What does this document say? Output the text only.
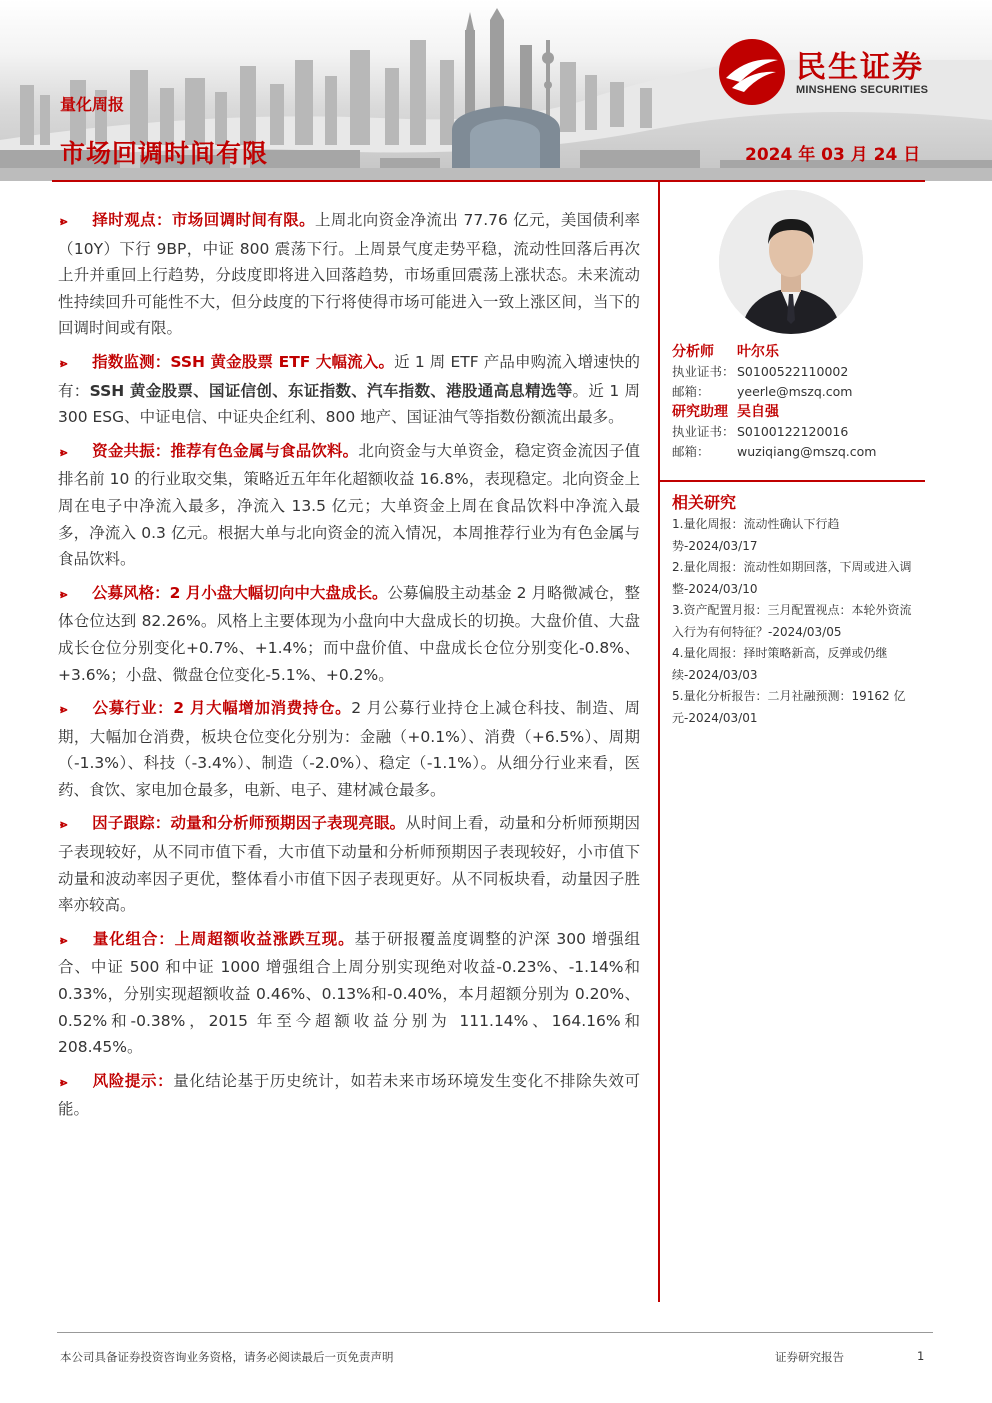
民生证券
MINSHENG SECURITIES
量化周报
市场回调时间有限	2024 年 03 月 24 日

⩺ 择时观点：市场回调时间有限。上周北向资金净流出 77.76 亿元，美国债利率（10Y）下行 9BP，中证 800 震荡下行。上周景气度走势平稳，流动性回落后再次上升并重回上行趋势，分歧度即将进入回落趋势，市场重回震荡上涨状态。未来流动性持续回升可能性不大，但分歧度的下行将使得市场可能进入一致上涨区间，当下的回调时间或有限。

⩺ 指数监测：SSH 黄金股票 ETF 大幅流入。近 1 周 ETF 产品申购流入增速快的有：SSH 黄金股票、国证信创、东证指数、汽车指数、港股通高息精选等。近 1 周 300 ESG、中证电信、中证央企红利、800 地产、国证油气等指数份额流出最多。

⩺ 资金共振：推荐有色金属与食品饮料。北向资金与大单资金，稳定资金流因子值排名前 10 的行业取交集，策略近五年年化超额收益 16.8%，表现稳定。北向资金上周在电子中净流入最多，净流入 13.5 亿元；大单资金上周在食品饮料中净流入最多，净流入 0.3 亿元。根据大单与北向资金的流入情况，本周推荐行业为有色金属与食品饮料。

⩺ 公募风格：2 月小盘大幅切向中大盘成长。公募偏股主动基金 2 月略微减仓，整体仓位达到 82.26%。风格上主要体现为小盘向中大盘成长的切换。大盘价值、大盘成长仓位分别变化+0.7%、+1.4%；而中盘价值、中盘成长仓位分别变化-0.8%、+3.6%；小盘、微盘仓位变化-5.1%、+0.2%。

⩺ 公募行业：2 月大幅增加消费持仓。2 月公募行业持仓上减仓科技、制造、周期，大幅加仓消费，板块仓位变化分别为：金融（+0.1%）、消费（+6.5%）、周期（-1.3%）、科技（-3.4%）、制造（-2.0%）、稳定（-1.1%）。从细分行业来看，医药、食饮、家电加仓最多，电新、电子、建材减仓最多。

⩺ 因子跟踪：动量和分析师预期因子表现亮眼。从时间上看，动量和分析师预期因子表现较好，从不同市值下看，大市值下动量和分析师预期因子表现较好，小市值下动量和波动率因子更优，整体看小市值下因子表现更好。从不同板块看，动量因子胜率亦较高。

⩺ 量化组合：上周超额收益涨跌互现。基于研报覆盖度调整的沪深 300 增强组合、中证 500 和中证 1000 增强组合上周分别实现绝对收益-0.23%、-1.14%和 0.33%，分别实现超额收益 0.46%、0.13%和-0.40%，本月超额分别为 0.20%、0.52%和-0.38%，2015 年至今超额收益分别为 111.14%、164.16%和 208.45%。

⩺ 风险提示：量化结论基于历史统计，如若未来市场环境发生变化不排除失效可能。

分析师 叶尔乐
执业证书： S0100522110002
邮箱： yeerle@mszq.com
研究助理 吴自强
执业证书： S0100122120016
邮箱： wuziqiang@mszq.com
相关研究

1.量化周报：流动性确认下行趋势-2024/03/17

2.量化周报：流动性如期回落，下周或进入调整-2024/03/10

3.资产配置月报：三月配置视点：本轮外资流入行为有何特征？-2024/03/05

4.量化周报：择时策略新高，反弹或仍继续-2024/03/03

5.量化分析报告：二月社融预测：19162 亿元-2024/03/01

本公司具备证券投资咨询业务资格，请务必阅读最后一页免责声明	证券研究报告	1
